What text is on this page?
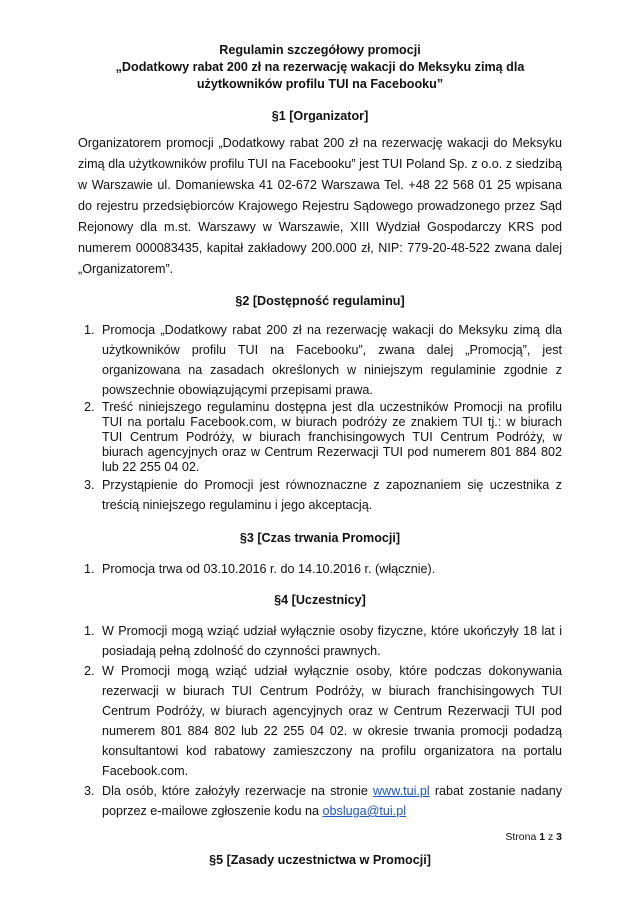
Regulamin szczegółowy promocji
„Dodatkowy rabat 200 zł na rezerwację wakacji do Meksyku zimą dla
użytkowników profilu TUI na Facebooku”
§1 [Organizator]

Organizatorem promocji „Dodatkowy rabat 200 zł na rezerwację wakacji do Meksyku zimą dla użytkowników profilu TUI na Facebooku” jest TUI Poland Sp. z o.o. z siedzibą w Warszawie ul. Domaniewska 41 02-672 Warszawa Tel. +48 22 568 01 25 wpisana do rejestru przedsiębiorców Krajowego Rejestru Sądowego prowadzonego przez Sąd Rejonowy dla m.st. Warszawy w Warszawie, XIII Wydział Gospodarczy KRS pod numerem 000083435, kapitał zakładowy 200.000 zł, NIP: 779-20-48-522 zwana dalej „Organizatorem”.

§2 [Dostępność regulaminu]
1. Promocja „Dodatkowy rabat 200 zł na rezerwację wakacji do Meksyku zimą dla użytkowników profilu TUI na Facebooku”, zwana dalej „Promocją”, jest organizowana na zasadach określonych w niniejszym regulaminie zgodnie z powszechnie obowiązującymi przepisami prawa.
2. Treść niniejszego regulaminu dostępna jest dla uczestników Promocji na profilu TUI na portalu Facebook.com, w biurach podróży ze znakiem TUI tj.: w biurach TUI Centrum Podróży, w biurach franchisingowych TUI Centrum Podróży, w biurach agencyjnych oraz w Centrum Rezerwacji TUI pod numerem 801 884 802 lub 22 255 04 02.
3. Przystąpienie do Promocji jest równoznaczne z zapoznaniem się uczestnika z treścią niniejszego regulaminu i jego akceptacją.
§3 [Czas trwania Promocji]
1. Promocja trwa od 03.10.2016 r. do 14.10.2016 r. (włącznie).
§4 [Uczestnicy]
1. W Promocji mogą wziąć udział wyłącznie osoby fizyczne, które ukończyły 18 lat i posiadają pełną zdolność do czynności prawnych.
2. W Promocji mogą wziąć udział wyłącznie osoby, które podczas dokonywania rezerwacji w biurach TUI Centrum Podróży, w biurach franchisingowych TUI Centrum Podróży, w biurach agencyjnych oraz w Centrum Rezerwacji TUI pod numerem 801 884 802 lub 22 255 04 02. w okresie trwania promocji podadzą konsultantowi kod rabatowy zamieszczony na profilu organizatora na portalu Facebook.com.
3. Dla osób, które założyły rezerwacje na stronie www.tui.pl rabat zostanie nadany poprzez e-mailowe zgłoszenie kodu na obsluga@tui.pl
§5 [Zasady uczestnictwa w Promocji]
Strona 1 z 3
